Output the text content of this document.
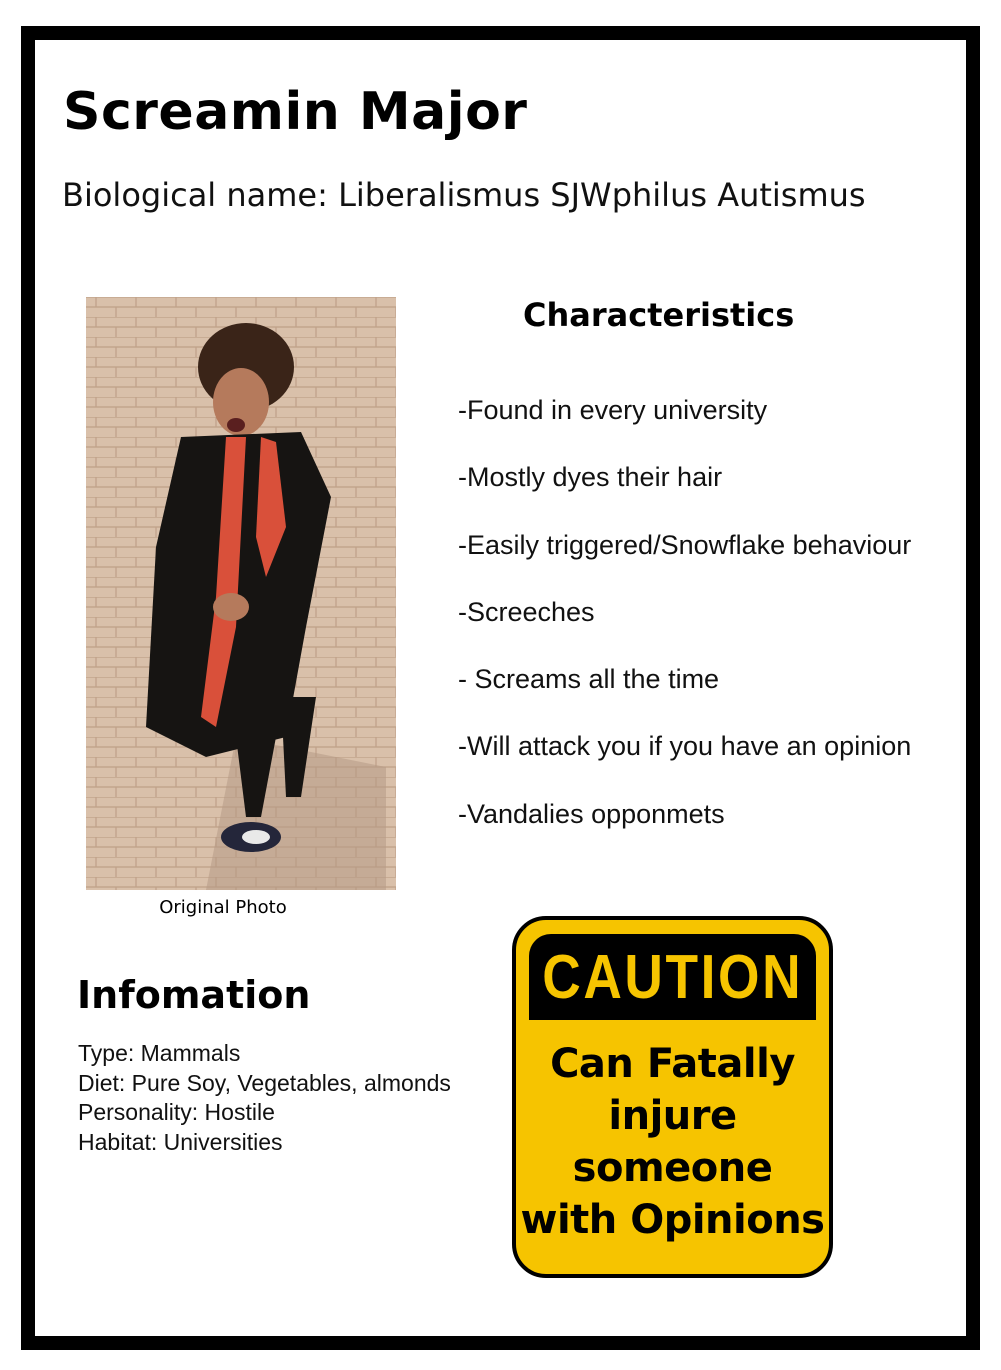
Screamin Major
Biological name: Liberalismus SJWphilus Autismus
Original Photo
Characteristics
-Found in every university
-Mostly dyes their hair
-Easily triggered/Snowflake behaviour
-Screeches
- Screams all the time
-Will attack you if you have an opinion
-Vandalies opponmets
Infomation
Type: Mammals
Diet: Pure Soy, Vegetables, almonds
Personality: Hostile
Habitat: Universities
CAUTION
Can Fatally
injure
someone
with Opinions
